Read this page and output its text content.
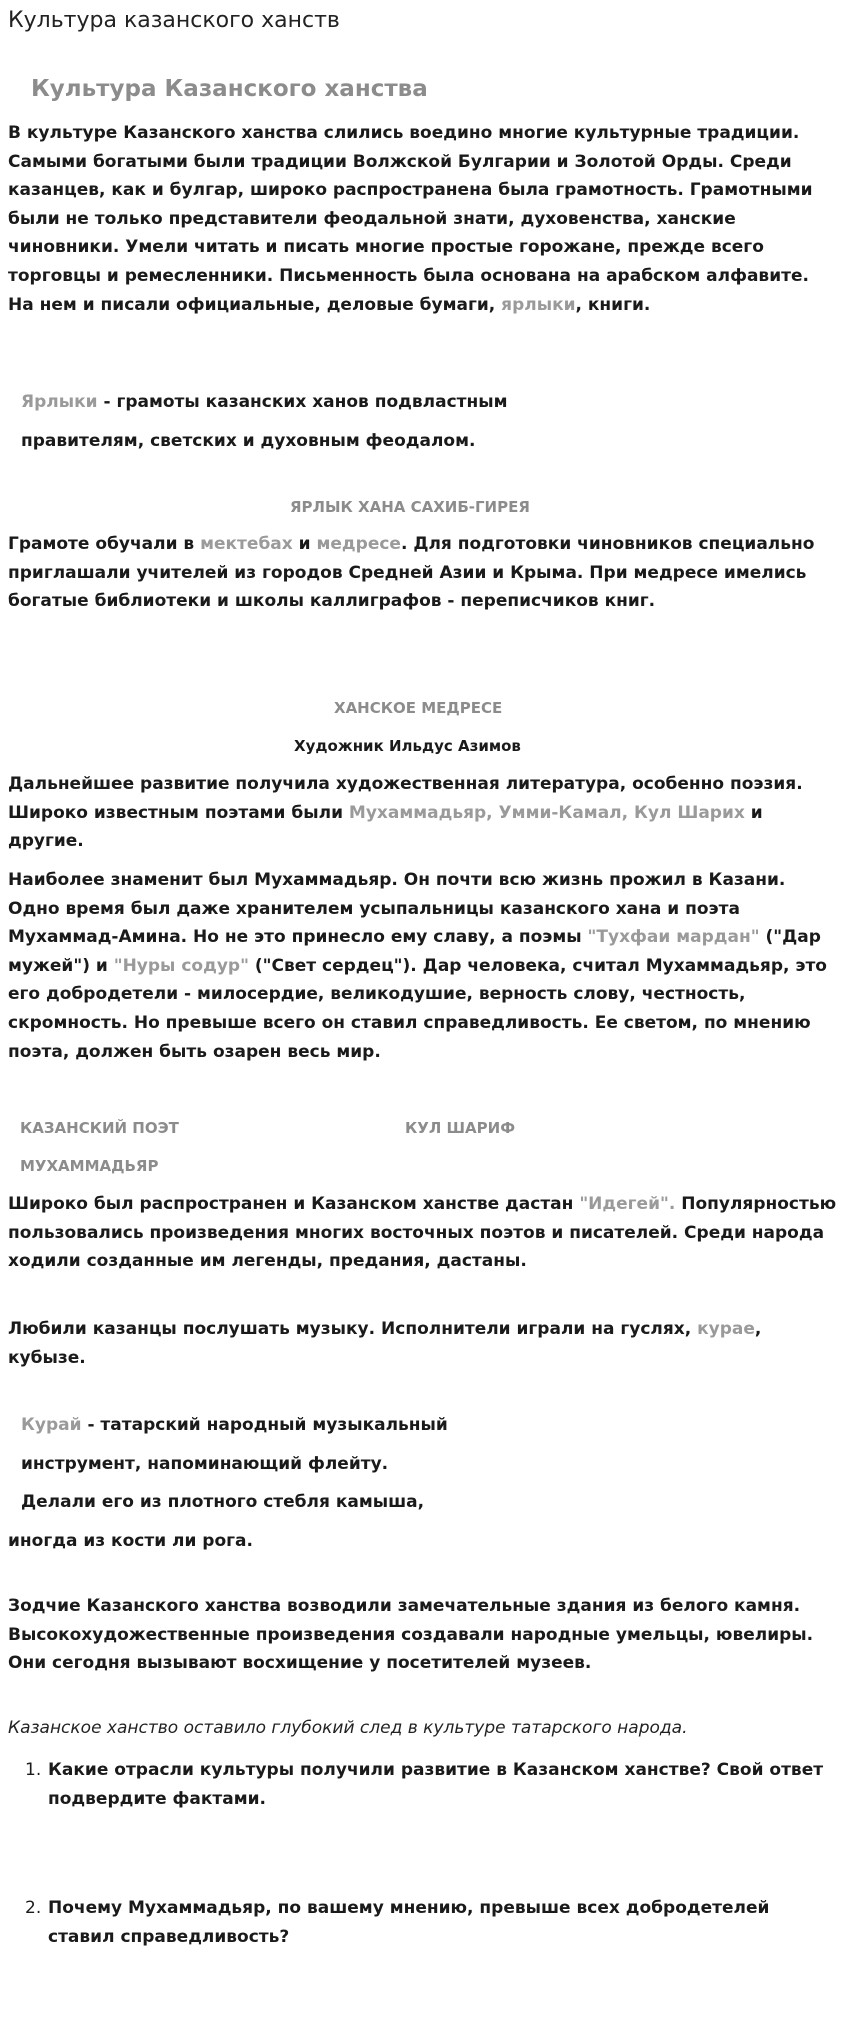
Культура казанского ханств
Культура Казанского ханства

В культуре Казанского ханства слились воедино многие культурные традиции. Самыми богатыми были традиции Волжской Булгарии и Золотой Орды. Среди казанцев, как и булгар, широко распространена была грамотность. Грамотными были не только представители феодальной знати, духовенства, ханские чиновники. Умели читать и писать многие простые горожане, прежде всего торговцы и ремесленники. Письменность была основана на арабском алфавите. На нем и писали официальные, деловые бумаги, ярлыки, книги.

Ярлыки - грамоты казанских ханов подвластным

правителям, светских и духовным феодалом.

ЯРЛЫК ХАНА САХИБ-ГИРЕЯ

Грамоте обучали в мектебах и медресе. Для подготовки чиновников специально приглашали учителей из городов Средней Азии и Крыма. При медресе имелись богатые библиотеки и школы каллиграфов - переписчиков книг.

ХАНСКОЕ МЕДРЕСЕ

Художник Ильдус Азимов

Дальнейшее развитие получила художественная литература, особенно поэзия. Широко известным поэтами были Мухаммадьяр, Умми-Камал, Кул Шарих и другие.

Наиболее знаменит был Мухаммадьяр. Он почти всю жизнь прожил в Казани. Одно время был даже хранителем усыпальницы казанского хана и поэта Мухаммад-Амина. Но не это принесло ему славу, а поэмы "Тухфаи мардан" ("Дар мужей") и "Нуры содур" ("Свет сердец"). Дар человека, считал Мухаммадьяр, это его добродетели - милосердие, великодушие, верность слову, честность, скромность. Но превыше всего он ставил справедливость. Ее светом, по мнению поэта, должен быть озарен весь мир.

КАЗАНСКИЙ ПОЭТ	КУЛ ШАРИФ

МУХАММАДЬЯР

Широко был распространен и Казанском ханстве дастан "Идегей". Популярностью пользовались произведения многих восточных поэтов и писателей. Среди народа ходили созданные им легенды, предания, дастаны.

Любили казанцы послушать музыку. Исполнители играли на гуслях, курае, кубызе.

Курай - татарский народный музыкальный

инструмент, напоминающий флейту.

Делали его из плотного стебля камыша,

иногда из кости ли рога.

Зодчие Казанского ханства возводили замечательные здания из белого камня. Высокохудожественные произведения создавали народные умельцы, ювелиры. Они сегодня вызывают восхищение у посетителей музеев.

Казанское ханство оставило глубокий след в культуре татарского народа.

1. Какие отрасли культуры получили развитие в Казанском ханстве? Свой ответ подвердите фактами.
2. Почему Мухаммадьяр, по вашему мнению, превыше всех добродетелей ставил справедливость?
